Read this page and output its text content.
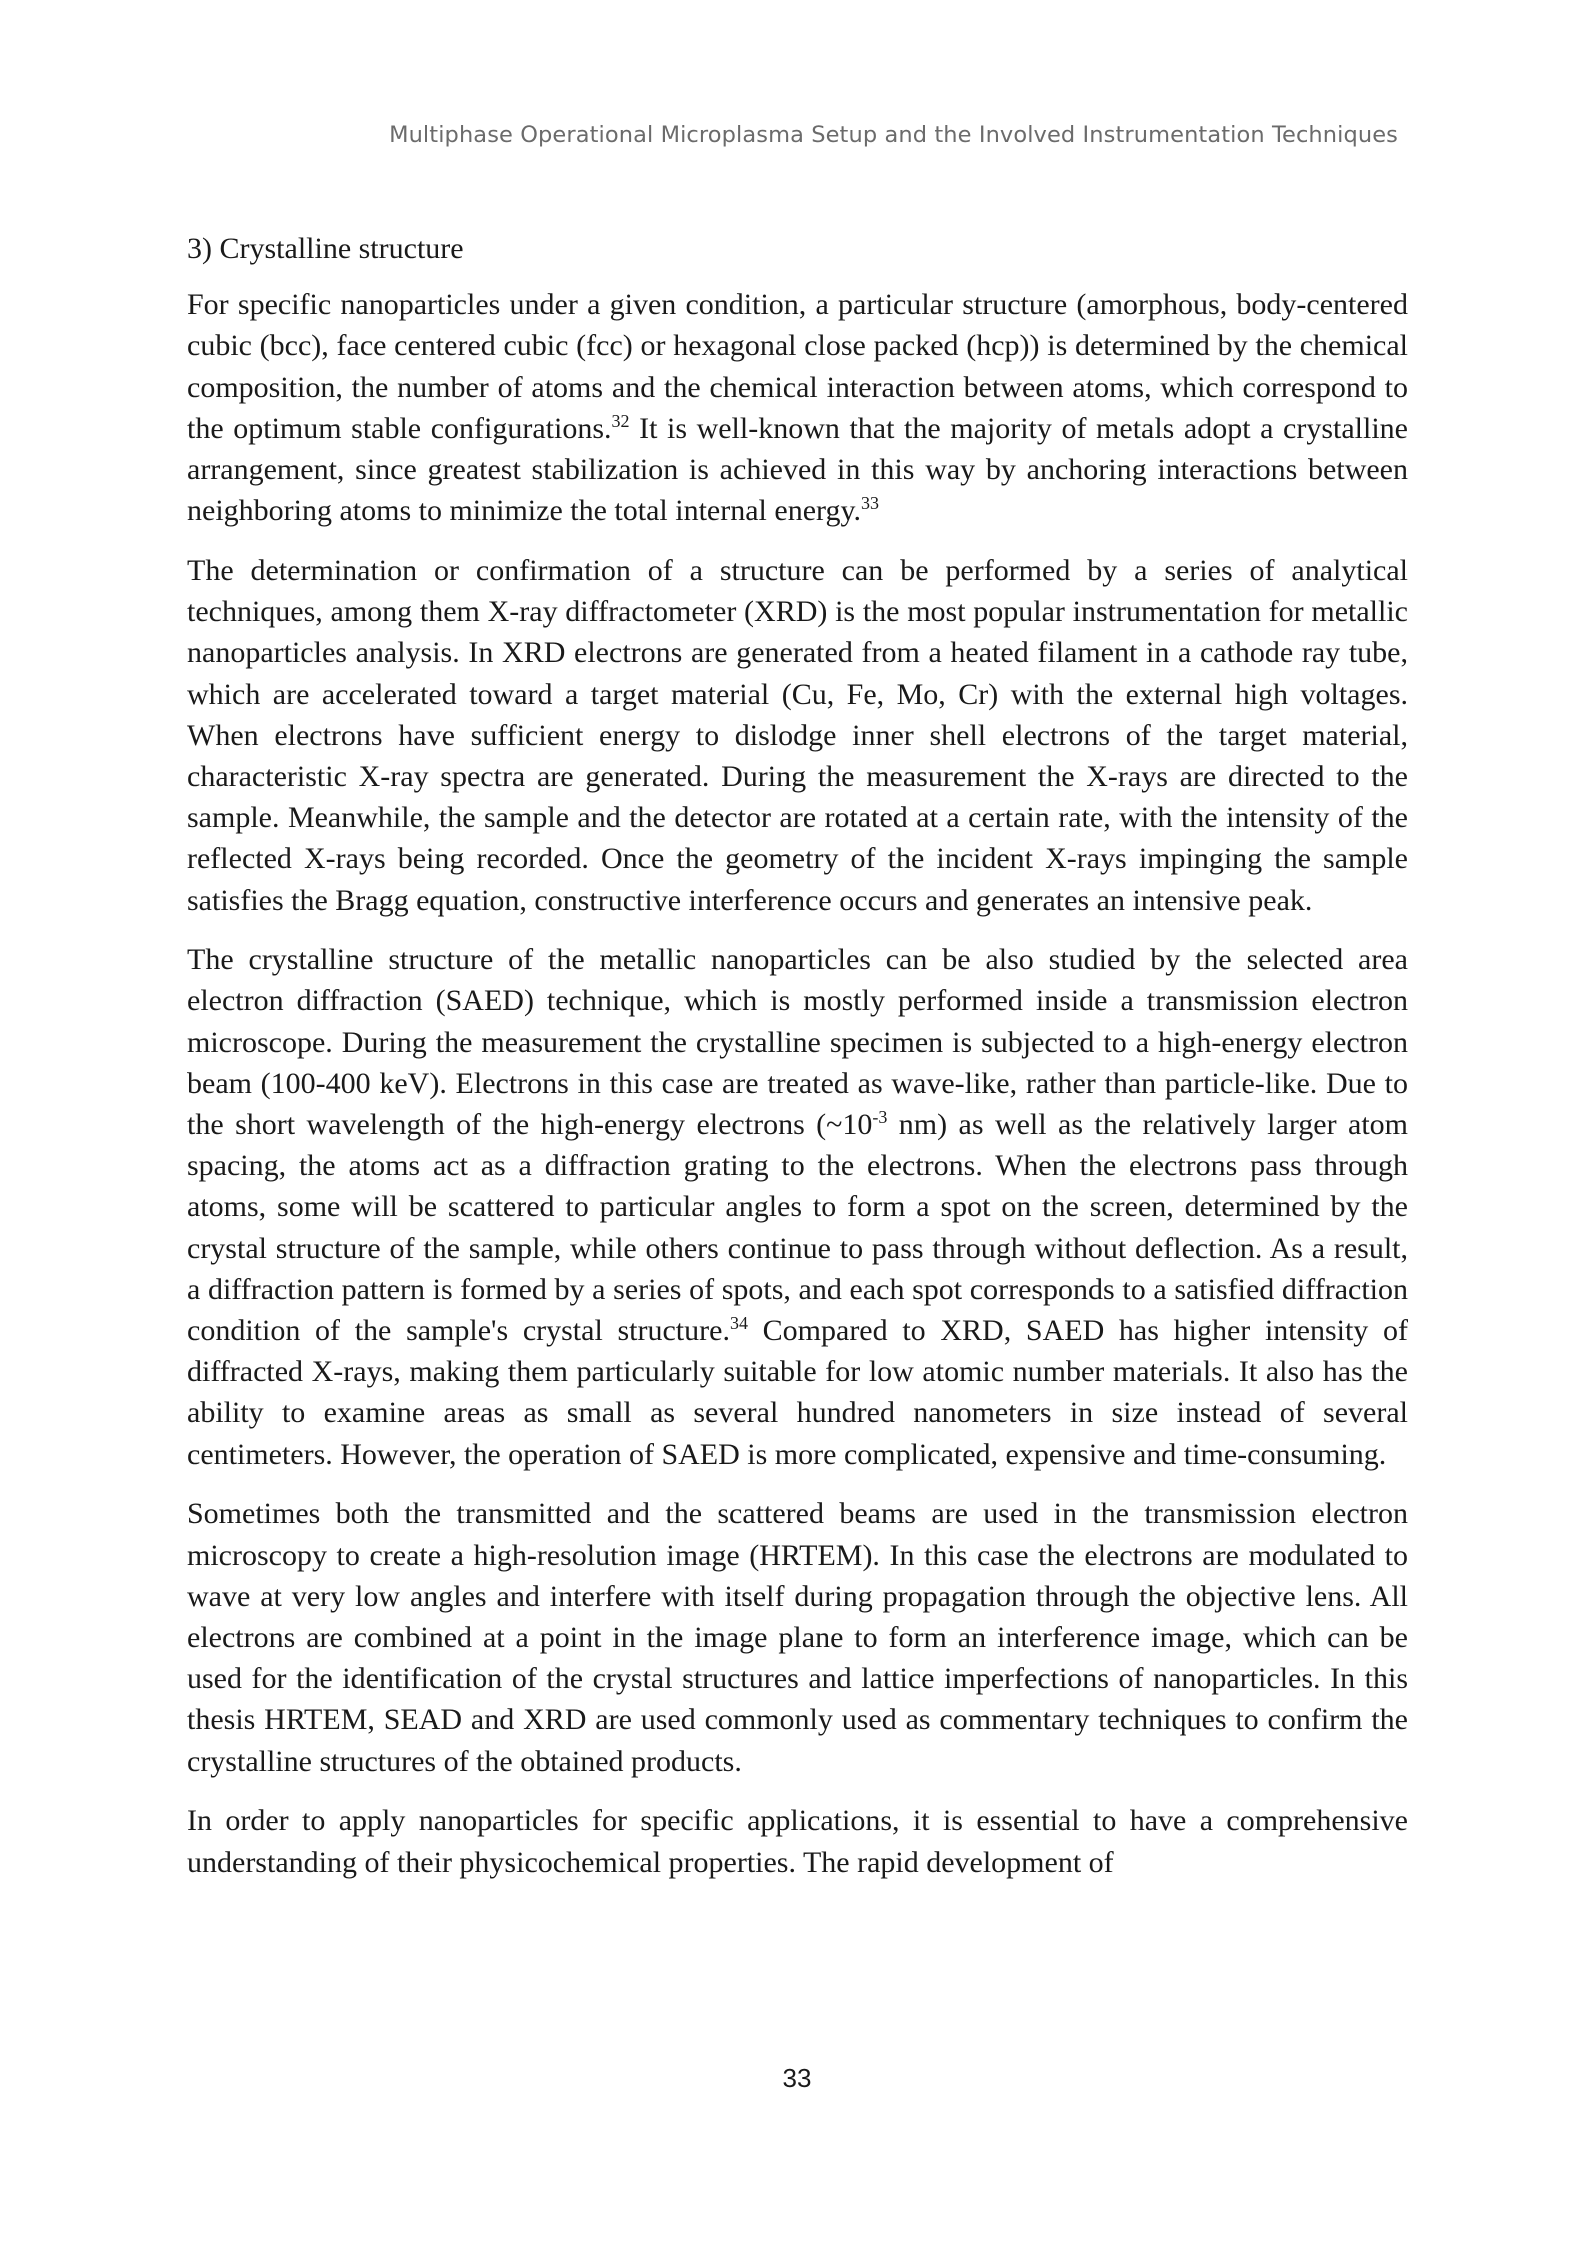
Multiphase Operational Microplasma Setup and the Involved Instrumentation Techniques

3) Crystalline structure

For specific nanoparticles under a given condition, a particular structure (amorphous, body-centered cubic (bcc), face centered cubic (fcc) or hexagonal close packed (hcp)) is determined by the chemical composition, the number of atoms and the chemical interaction between atoms, which correspond to the optimum stable configurations.$^{32}$ It is well-known that the majority of metals adopt a crystalline arrangement, since greatest stabilization is achieved in this way by anchoring interactions between neighboring atoms to minimize the total internal energy.$^{33}$

The determination or confirmation of a structure can be performed by a series of analytical techniques, among them X-ray diffractometer (XRD) is the most popular instrumentation for metallic nanoparticles analysis. In XRD electrons are generated from a heated filament in a cathode ray tube, which are accelerated toward a target material (Cu, Fe, Mo, Cr) with the external high voltages. When electrons have sufficient energy to dislodge inner shell electrons of the target material, characteristic X-ray spectra are generated. During the measurement the X-rays are directed to the sample. Meanwhile, the sample and the detector are rotated at a certain rate, with the intensity of the reflected X-rays being recorded. Once the geometry of the incident X-rays impinging the sample satisfies the Bragg equation, constructive interference occurs and generates an intensive peak.

The crystalline structure of the metallic nanoparticles can be also studied by the selected area electron diffraction (SAED) technique, which is mostly performed inside a transmission electron microscope. During the measurement the crystalline specimen is subjected to a high-energy electron beam (100-400 keV). Electrons in this case are treated as wave-like, rather than particle-like. Due to the short wavelength of the high-energy electrons ($\sim 10^{-3}$ nm) as well as the relatively larger atom spacing, the atoms act as a diffraction grating to the electrons. When the electrons pass through atoms, some will be scattered to particular angles to form a spot on the screen, determined by the crystal structure of the sample, while others continue to pass through without deflection. As a result, a diffraction pattern is formed by a series of spots, and each spot corresponds to a satisfied diffraction condition of the sample's crystal structure.$^{34}$ Compared to XRD, SAED has higher intensity of diffracted X-rays, making them particularly suitable for low atomic number materials. It also has the ability to examine areas as small as several hundred nanometers in size instead of several centimeters. However, the operation of SAED is more complicated, expensive and time-consuming.

Sometimes both the transmitted and the scattered beams are used in the transmission electron microscopy to create a high-resolution image (HRTEM). In this case the electrons are modulated to wave at very low angles and interfere with itself during propagation through the objective lens. All electrons are combined at a point in the image plane to form an interference image, which can be used for the identification of the crystal structures and lattice imperfections of nanoparticles. In this thesis HRTEM, SEAD and XRD are used commonly used as commentary techniques to confirm the crystalline structures of the obtained products.

In order to apply nanoparticles for specific applications, it is essential to have a comprehensive understanding of their physicochemical properties. The rapid development of

33
